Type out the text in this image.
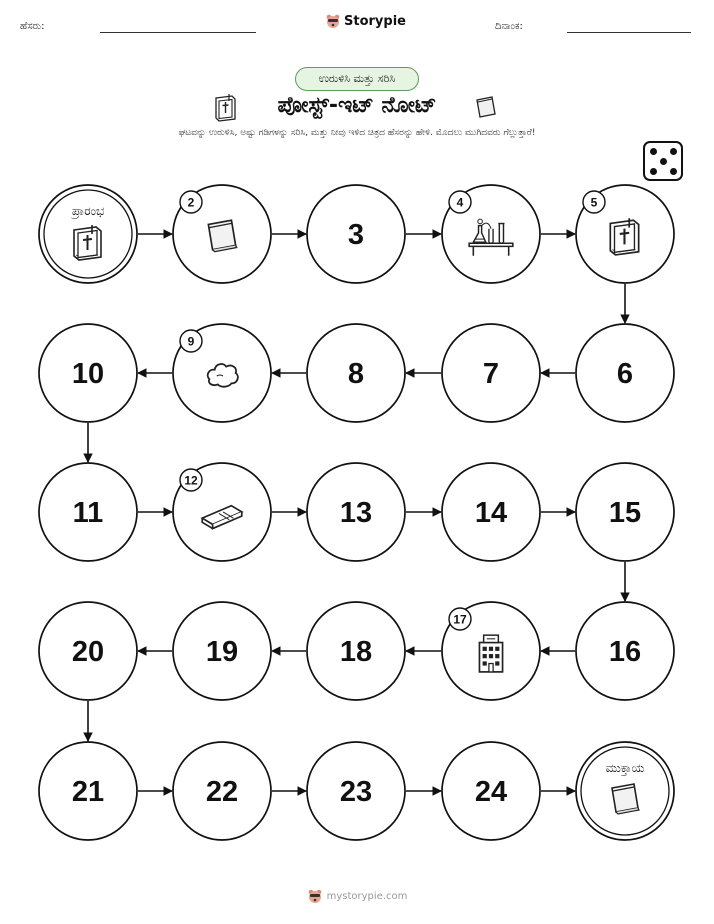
ಹೆಸರು:	Storypie	ದಿನಾಂಕ:
ಉರುಳಿಸಿ ಮತ್ತು ಸರಿಸಿ
ಪೋಸ್ಟ್-ಇಟ್ ನೋಟ್
ಘಟವನ್ನು ಉರುಳಿಸಿ, ಅಷ್ಟು ಗಡಿಗಳನ್ನು ಸರಿಸಿ, ಮತ್ತು ನೀವು ಇಳಿದ ಚಿತ್ರದ ಹೆಸರನ್ನು ಹೇಳಿ. ಮೊದಲು ಮುಗಿದವರು ಗೆಲ್ಲುತ್ತಾರೆ!
ಪ್ರಾರಂಭ
2
3
4	5
6
7
8
9
10
11
12
13	14	15
16
17
18
19
20
21	22	23	24
ಮುಕ್ತಾಯ
mystorypie.com
